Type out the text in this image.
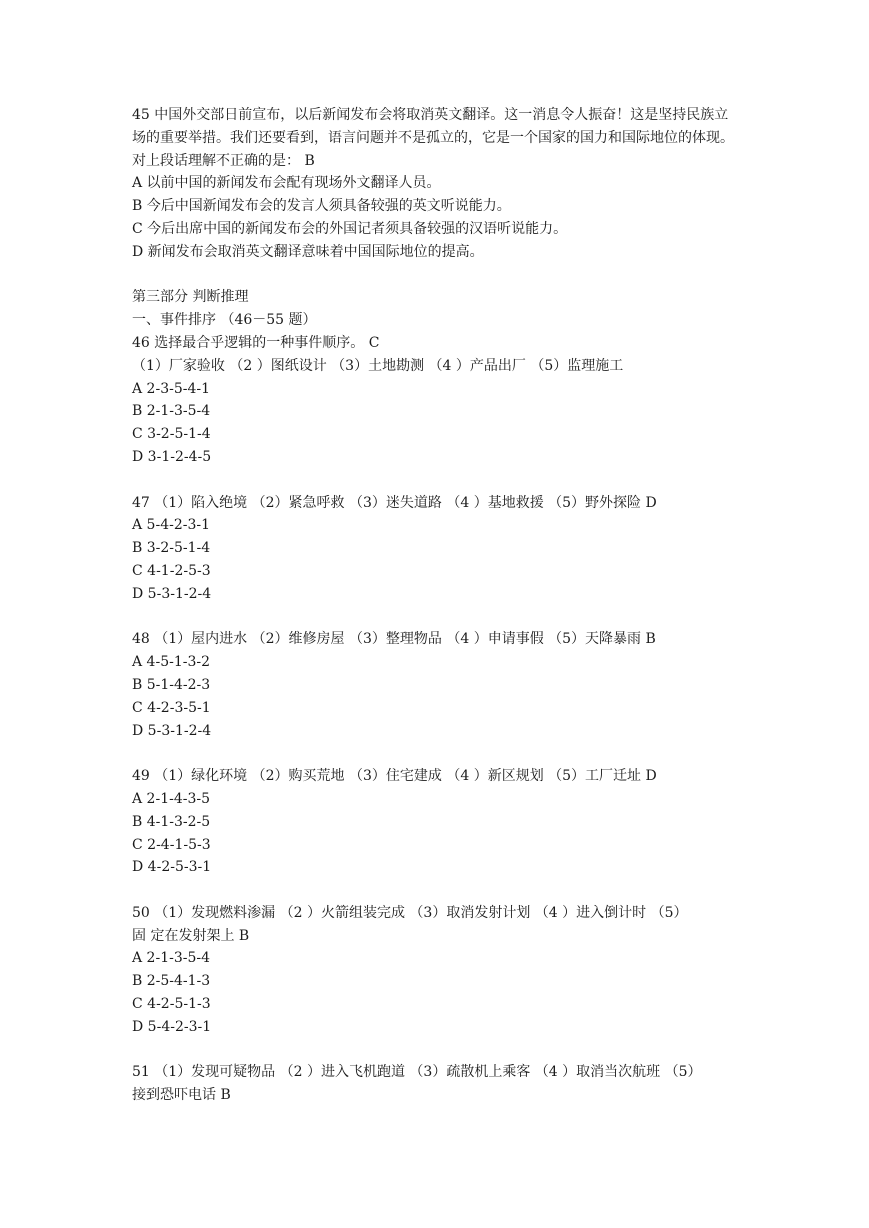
45 中国外交部日前宣布，以后新闻发布会将取消英文翻译。这一消息令人振奋！这是坚持民族立场的重要举措。我们还要看到，语言问题并不是孤立的，它是一个国家的国力和国际地位的体现。对上段话理解不正确的是： B
A 以前中国的新闻发布会配有现场外文翻译人员。
B 今后中国新闻发布会的发言人须具备较强的英文听说能力。
C 今后出席中国的新闻发布会的外国记者须具备较强的汉语听说能力。
D 新闻发布会取消英文翻译意味着中国国际地位的提高。
第三部分 判断推理
一、事件排序 （46－55 题）
46 选择最合乎逻辑的一种事件顺序。 C
（1）厂家验收 （2 ）图纸设计 （3）土地勘测 （4 ）产品出厂 （5）监理施工
A 2-3-5-4-1
B 2-1-3-5-4
C 3-2-5-1-4
D 3-1-2-4-5
47 （1）陷入绝境 （2）紧急呼救 （3）迷失道路 （4 ）基地救援 （5）野外探险 D
A 5-4-2-3-1
B 3-2-5-1-4
C 4-1-2-5-3
D 5-3-1-2-4
48 （1）屋内进水 （2）维修房屋 （3）整理物品 （4 ）申请事假 （5）天降暴雨 B
A 4-5-1-3-2
B 5-1-4-2-3
C 4-2-3-5-1
D 5-3-1-2-4
49 （1）绿化环境 （2）购买荒地 （3）住宅建成 （4 ）新区规划 （5）工厂迁址 D
A 2-1-4-3-5
B 4-1-3-2-5
C 2-4-1-5-3
D 4-2-5-3-1
50 （1）发现燃料渗漏 （2 ）火箭组装完成 （3）取消发射计划 （4 ）进入倒计时 （5）
固 定在发射架上 B
A 2-1-3-5-4
B 2-5-4-1-3
C 4-2-5-1-3
D 5-4-2-3-1
51 （1）发现可疑物品 （2 ）进入飞机跑道 （3）疏散机上乘客 （4 ）取消当次航班 （5）
接到恐吓电话 B
